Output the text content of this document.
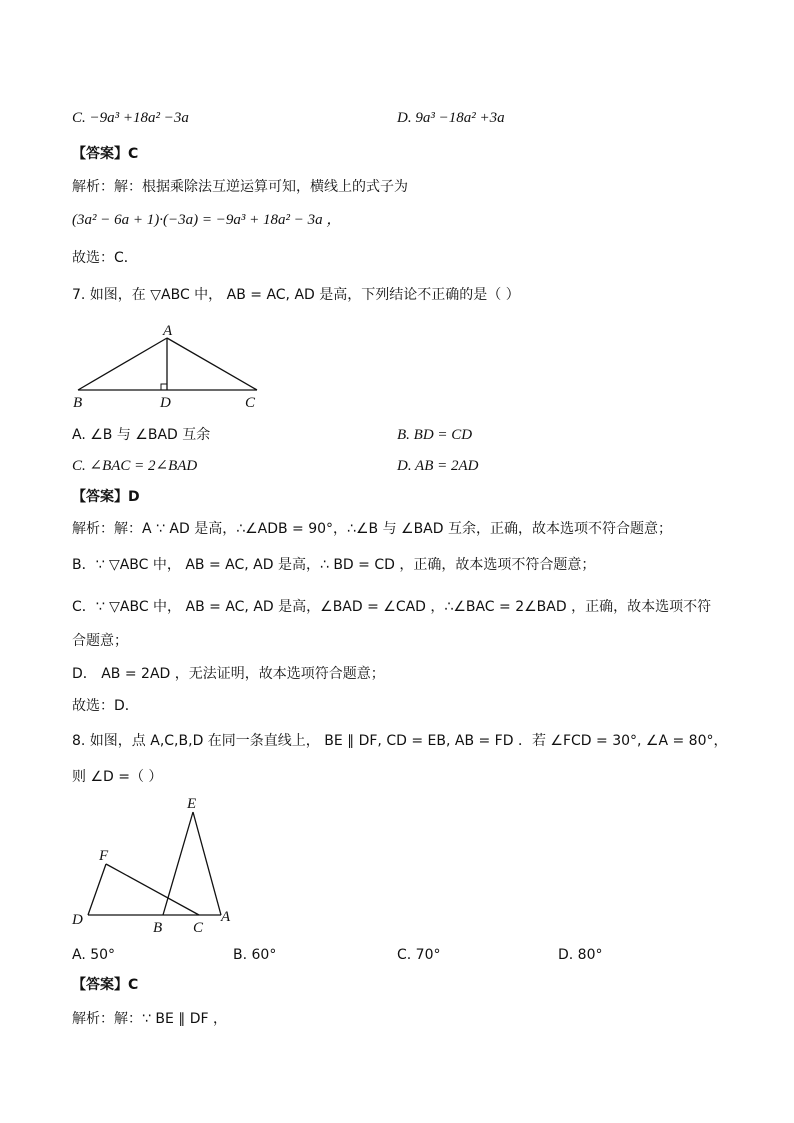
C. −9a³ +18a² −3a	D. 9a³ −18a² +3a
【答案】C
解析：解：根据乘除法互逆运算可知，横线上的式子为
(3a² − 6a + 1)·(−3a) = −9a³ + 18a² − 3a ，
故选：C．
7. 如图，在 ▽ABC 中， AB = AC, AD 是高，下列结论不正确的是（ ）
A
B	D	C
A. ∠B 与 ∠BAD 互余	B. BD = CD
C. ∠BAC = 2∠BAD	D. AB = 2AD
【答案】D
解析：解：A ∵ AD 是高，∴∠ADB = 90°，∴∠B 与 ∠BAD 互余，正确，故本选项不符合题意；
B．∵ ▽ABC 中， AB = AC, AD 是高，∴ BD = CD ，正确，故本选项不符合题意；
C．∵ ▽ABC 中， AB = AC, AD 是高，∠BAD = ∠CAD ，∴∠BAC = 2∠BAD ，正确，故本选项不符
合题意；
D． AB = 2AD ，无法证明，故本选项符合题意；
故选：D．
8. 如图，点 A,C,B,D 在同一条直线上， BE ∥ DF, CD = EB, AB = FD ．若 ∠FCD = 30°, ∠A = 80°，
则 ∠D =（ ）
E
F
D	B C
A
A. 50°	B. 60°	C. 70°	D. 80°
【答案】C
解析：解：∵ BE ∥ DF ，
